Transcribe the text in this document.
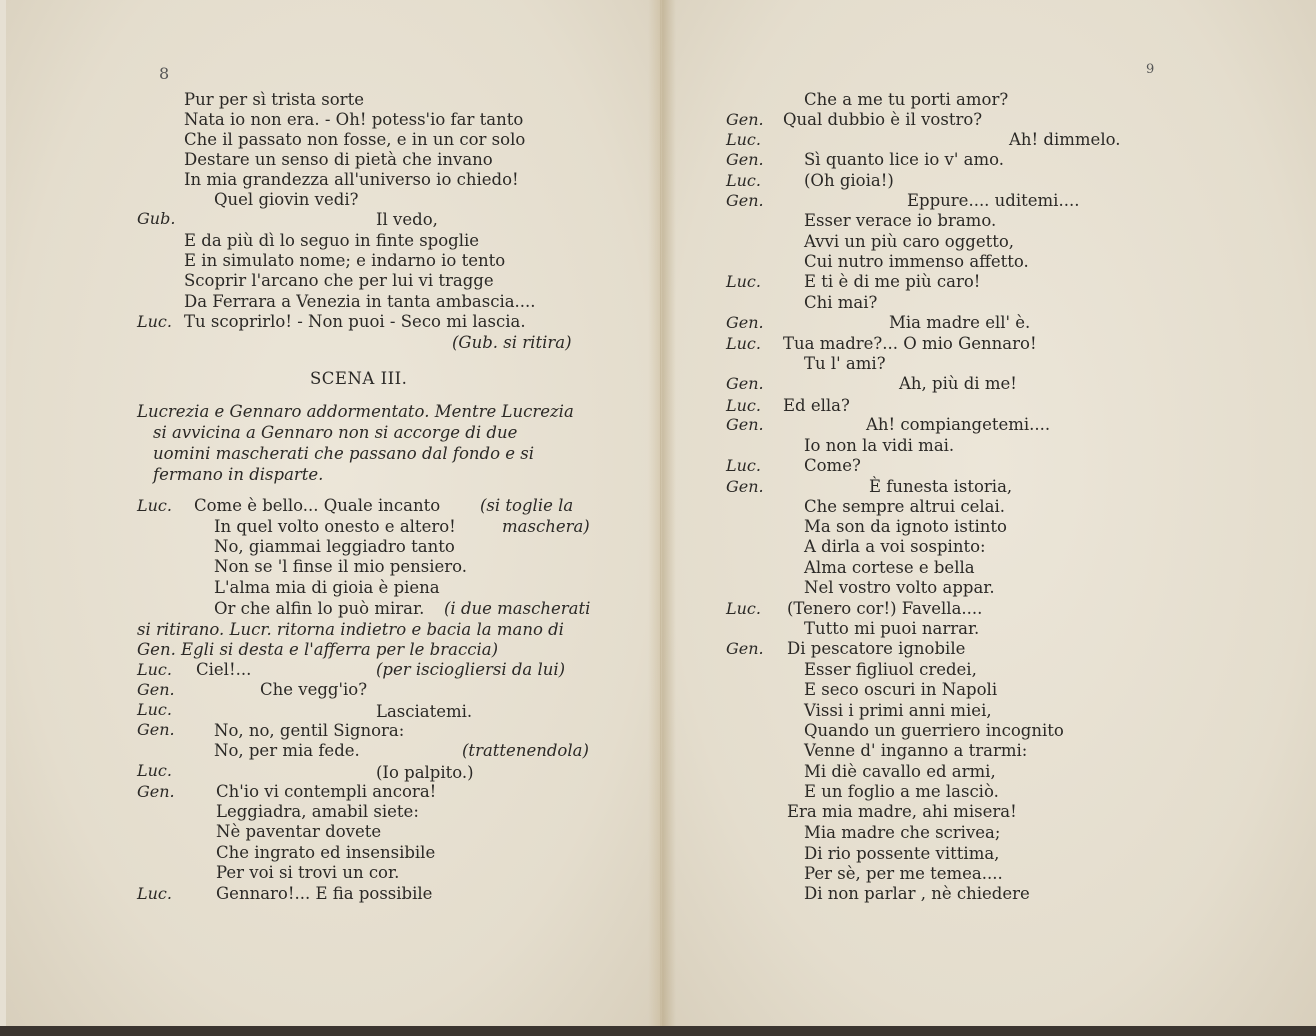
8
Gub.
Luc.
Pur per sì trista sorte
Nata io non era. - Oh! potess'io far tanto
Che il passato non fosse, e in un cor solo
Destare un senso di pietà che invano
In mia grandezza all'universo io chiedo!
Quel giovin vedi?
Il vedo,
E da più dì lo seguo in finte spoglie
E in simulato nome; e indarno io tento
Scoprir l'arcano che per lui vi tragge
Da Ferrara a Venezia in tanta ambascia....
Tu scoprirlo! - Non puoi - Seco mi lascia.
(Gub. si ritira)
SCENA III.
Lucrezia e Gennaro addormentato. Mentre Lucrezia
si avvicina a Gennaro non si accorge di due
uomini mascherati che passano dal fondo e si
fermano in disparte.
Luc. Come è bello... Quale incanto (si toglie la
In quel volto onesto e altero!	maschera)
No, giammai leggiadro tanto
Non se 'l finse il mio pensiero.
L'alma mia di gioia è piena
Or che alfin lo può mirar. (i due mascherati
si ritirano. Lucr. ritorna indietro e bacia la mano di
Gen. Egli si desta e l'afferra per le braccia)
Luc. Ciel!...	(per isciogliersi da lui)
Gen.	Che vegg'io?
Luc.	Lasciatemi.
Gen. No, no, gentil Signora:
No, per mia fede.	(trattenendola)
Luc.	(Io palpito.)
Gen.	Ch'io vi contempli ancora!
Leggiadra, amabil siete:
Nè paventar dovete
Che ingrato ed insensibile
Per voi si trovi un cor.
Luc.	Gennaro!... E fia possibile
9
Che a me tu porti amor?
Gen. Qual dubbio è il vostro?
Luc.	Ah! dimmelo.
Gen. Sì quanto lice io v' amo.
Luc.	(Oh gioia!)
Gen.	Eppure.... uditemi....
Esser verace io bramo.
Avvi un più caro oggetto,
Cui nutro immenso affetto.
Luc.	E ti è di me più caro!
Chi mai?
Gen.	Mia madre ell' è.
Luc. Tua madre?... O mio Gennaro!
Tu l' ami?
Gen.	Ah, più di me!
Luc. Ed ella?
Gen.	Ah! compiangetemi....
Io non la vidi mai.
Luc.	Come?
Gen.	È funesta istoria,
Che sempre altrui celai.
Ma son da ignoto istinto
A dirla a voi sospinto:
Alma cortese e bella
Nel vostro volto appar.
Luc. (Tenero cor!) Favella....
Tutto mi puoi narrar.
Gen. Di pescatore ignobile
Esser figliuol credei,
E seco oscuri in Napoli
Vissi i primi anni miei,
Quando un guerriero incognito
Venne d' inganno a trarmi:
Mi diè cavallo ed armi,
E un foglio a me lasciò.
Era mia madre, ahi misera!
Mia madre che scrivea;
Di rio possente vittima,
Per sè, per me temea....
Di non parlar , nè chiedere
